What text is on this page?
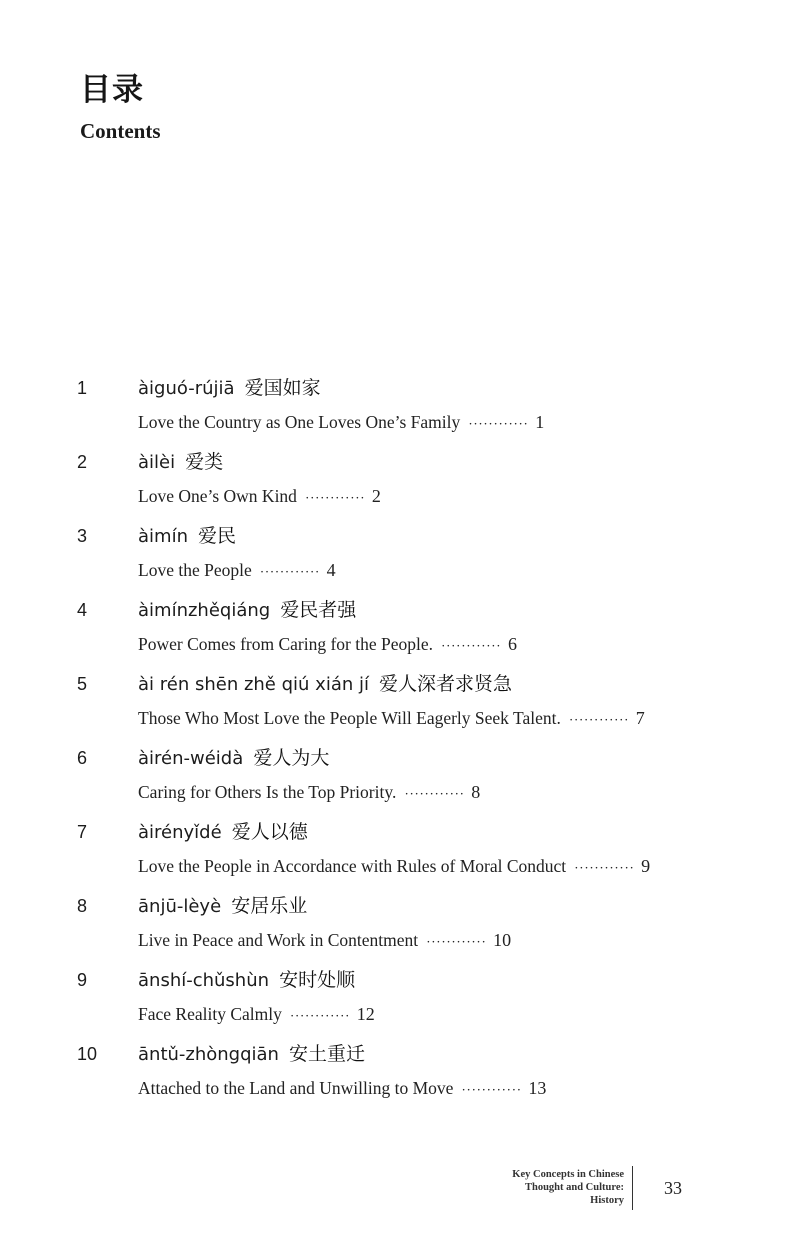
目录
Contents
1	àiguó-rújiā 爱国如家
Love the Country as One Loves One’s Family ············ 1
2	àilèi 爱类
Love One’s Own Kind ············ 2
3	àimín 爱民
Love the People ············ 4
4	àimínzhěqiáng 爱民者强
Power Comes from Caring for the People. ············ 6
5	ài rén shēn zhě qiú xián jí 爱人深者求贤急
Those Who Most Love the People Will Eagerly Seek Talent. ············ 7
6	àirén-wéidà 爱人为大
Caring for Others Is the Top Priority. ············ 8
7	àirényǐdé 爱人以德
Love the People in Accordance with Rules of Moral Conduct ············ 9
8	ānjū-lèyè 安居乐业
Live in Peace and Work in Contentment ············ 10
9	ānshí-chǔshùn 安时处顺
Face Reality Calmly ············ 12
10	āntǔ-zhòngqiān 安土重迁
Attached to the Land and Unwilling to Move ············ 13
Key Concepts in Chinese
Thought and Culture:
History
33
